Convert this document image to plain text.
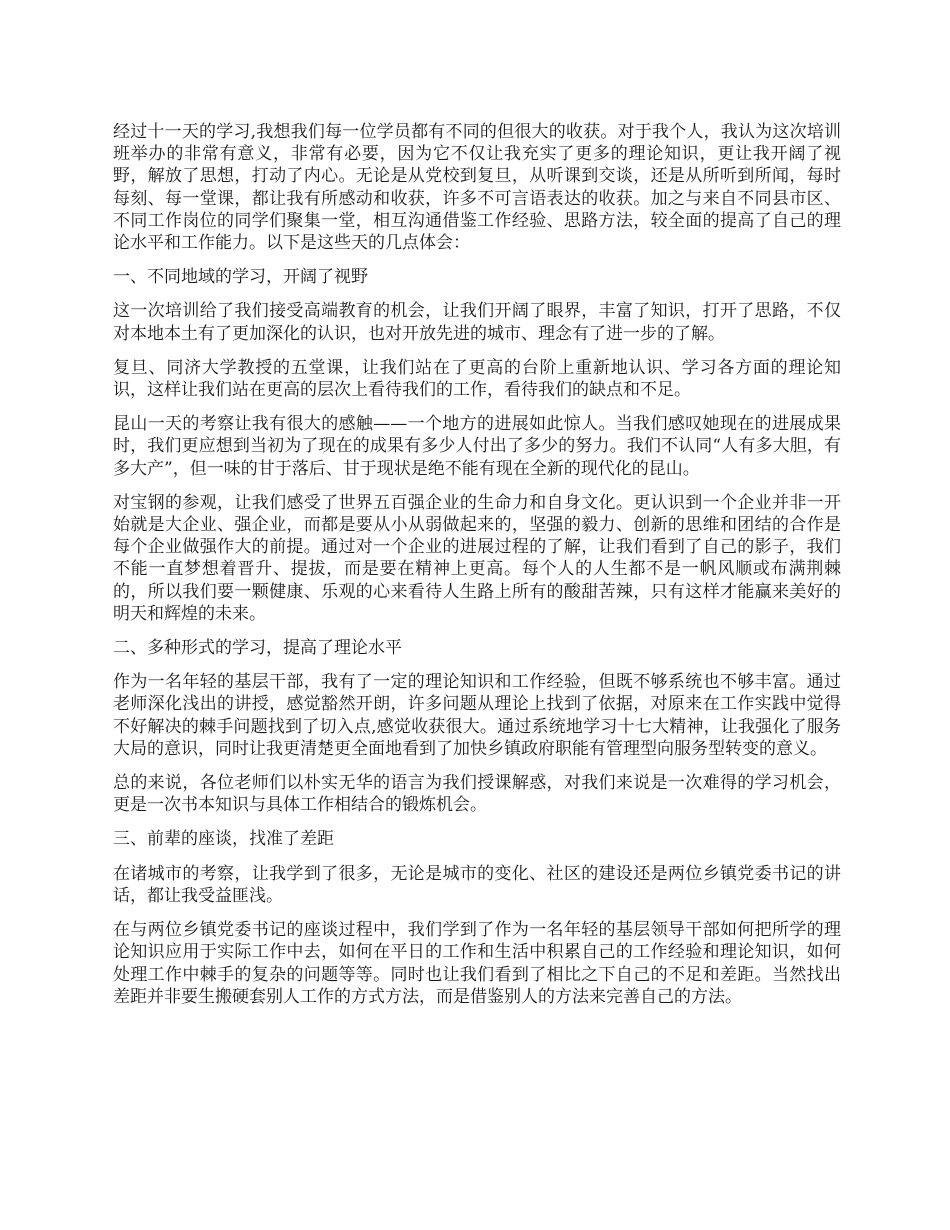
经过十一天的学习,我想我们每一位学员都有不同的但很大的收获。对于我个人，我认为这次培训班举办的非常有意义，非常有必要，因为它不仅让我充实了更多的理论知识，更让我开阔了视野，解放了思想，打动了内心。无论是从党校到复旦，从听课到交谈，还是从所听到所闻，每时每刻、每一堂课，都让我有所感动和收获，许多不可言语表达的收获。加之与来自不同县市区、不同工作岗位的同学们聚集一堂，相互沟通借鉴工作经验、思路方法，较全面的提高了自己的理论水平和工作能力。以下是这些天的几点体会：

一、不同地域的学习，开阔了视野

这一次培训给了我们接受高端教育的机会，让我们开阔了眼界，丰富了知识，打开了思路，不仅对本地本土有了更加深化的认识，也对开放先进的城市、理念有了进一步的了解。

复旦、同济大学教授的五堂课，让我们站在了更高的台阶上重新地认识、学习各方面的理论知识，这样让我们站在更高的层次上看待我们的工作，看待我们的缺点和不足。

昆山一天的考察让我有很大的感触——一个地方的进展如此惊人。当我们感叹她现在的进展成果时，我们更应想到当初为了现在的成果有多少人付出了多少的努力。我们不认同“人有多大胆，有多大产”，但一味的甘于落后、甘于现状是绝不能有现在全新的现代化的昆山。

对宝钢的参观，让我们感受了世界五百强企业的生命力和自身文化。更认识到一个企业并非一开始就是大企业、强企业，而都是要从小从弱做起来的，坚强的毅力、创新的思维和团结的合作是每个企业做强作大的前提。通过对一个企业的进展过程的了解，让我们看到了自己的影子，我们不能一直梦想着晋升、提拔，而是要在精神上更高。每个人的人生都不是一帆风顺或布满荆棘的，所以我们要一颗健康、乐观的心来看待人生路上所有的酸甜苦辣，只有这样才能赢来美好的明天和辉煌的未来。

二、多种形式的学习，提高了理论水平

作为一名年轻的基层干部，我有了一定的理论知识和工作经验，但既不够系统也不够丰富。通过老师深化浅出的讲授，感觉豁然开朗，许多问题从理论上找到了依据，对原来在工作实践中觉得不好解决的棘手问题找到了切入点,感觉收获很大。通过系统地学习十七大精神，让我强化了服务大局的意识，同时让我更清楚更全面地看到了加快乡镇政府职能有管理型向服务型转变的意义。

总的来说，各位老师们以朴实无华的语言为我们授课解惑，对我们来说是一次难得的学习机会，更是一次书本知识与具体工作相结合的锻炼机会。

三、前辈的座谈，找准了差距

在诸城市的考察，让我学到了很多，无论是城市的变化、社区的建设还是两位乡镇党委书记的讲话，都让我受益匪浅。

在与两位乡镇党委书记的座谈过程中，我们学到了作为一名年轻的基层领导干部如何把所学的理论知识应用于实际工作中去，如何在平日的工作和生活中积累自己的工作经验和理论知识，如何处理工作中棘手的复杂的问题等等。同时也让我们看到了相比之下自己的不足和差距。当然找出差距并非要生搬硬套别人工作的方式方法，而是借鉴别人的方法来完善自己的方法。
